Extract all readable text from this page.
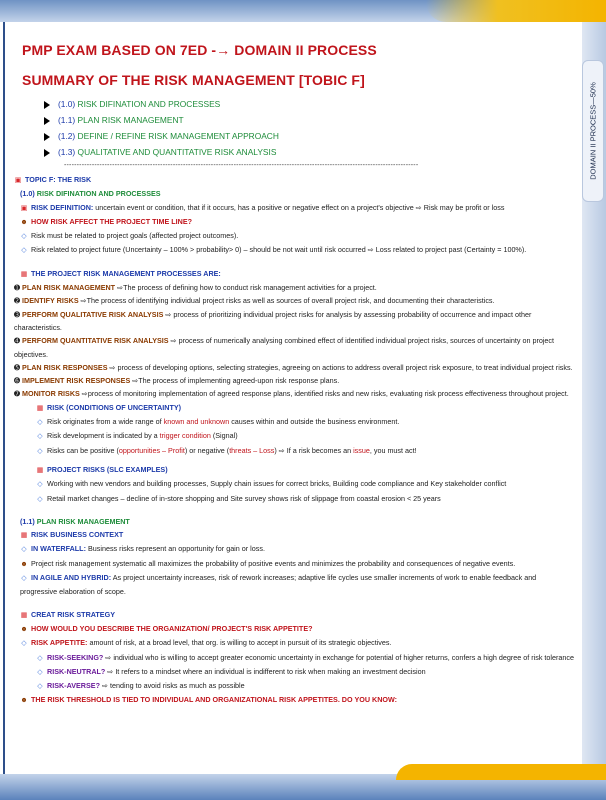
DOMAIN II PROCESS—50%
PMP EXAM BASED ON 7ED -→ DOMAIN II PROCESS
SUMMARY OF THE RISK MANAGEMENT [TOBIC F]
(1.0) RISK DIFINATION AND PROCESSES
(1.1) PLAN RISK MANAGEMENT
(1.2) DEFINE / REFINE RISK MANAGEMENT APPROACH
(1.3) QUALITATIVE AND QUANTITATIVE RISK ANALYSIS
--------------------------------------------------------------------------------------------------------------------------------------------

▣ TOPIC F: THE RISK

(1.0) RISK DIFINATION AND PROCESSES

▣ RISK DEFINITION: uncertain event or condition, that if it occurs, has a positive or negative effect on a project's objective ⇨ Risk may be profit or loss

☻ HOW RISK AFFECT THE PROJECT TIME LINE?

◇ Risk must be related to project goals (affected project outcomes).

◇ Risk related to project future (Uncertainty – 100% > probability> 0) – should be not wait until risk occurred ⇨ Loss related to project past (Certainty = 100%).

▦ THE PROJECT RISK MANAGEMENT PROCESSES ARE:

➊ PLAN RISK MANAGEMENT ⇨The process of defining how to conduct risk management activities for a project.

➋ IDENTIFY RISKS ⇨The process of identifying individual project risks as well as sources of overall project risk, and documenting their characteristics.

➌ PERFORM QUALITATIVE RISK ANALYSIS ⇨ process of prioritizing individual project risks for analysis by assessing probability of occurrence and impact other characteristics.

➍ PERFORM QUANTITATIVE RISK ANALYSIS ⇨ process of numerically analysing combined effect of identified individual project risks, sources of uncertainty on project objectives.

➎ PLAN RISK RESPONSES ⇨ process of developing options, selecting strategies, agreeing on actions to address overall project risk exposure, to treat individual project risks.

➏ IMPLEMENT RISK RESPONSES ⇨The process of implementing agreed-upon risk response plans.

➐ MONITOR RISKS ⇨process of monitoring implementation of agreed response plans, identified risks and new risks, evaluating risk process effectiveness throughout project.

▦ RISK (CONDITIONS OF UNCERTAINTY)

◇ Risk originates from a wide range of known and unknown causes within and outside the business environment.

◇ Risk development is indicated by a trigger condition (Signal)

◇ Risks can be positive (opportunities – Profit) or negative (threats – Loss) ⇨ If a risk becomes an issue, you must act!

▦ PROJECT RISKS (SLC EXAMPLES)

◇ Working with new vendors and building processes, Supply chain issues for correct bricks, Building code compliance and Key stakeholder conflict

◇ Retail market changes – decline of in-store shopping and Site survey shows risk of slippage from coastal erosion < 25 years

(1.1) PLAN RISK MANAGEMENT

▦ RISK BUSINESS CONTEXT

◇ IN WATERFALL: Business risks represent an opportunity for gain or loss.

☻ Project risk management systematic all maximizes the probability of positive events and minimizes the probability and consequences of negative events.

◇ IN AGILE AND HYBRID: As project uncertainty increases, risk of rework increases; adaptive life cycles use smaller increments of work to enable feedback and progressive elaboration of scope.

▦ CREAT RISK STRATEGY

☻ HOW WOULD YOU DESCRIBE THE ORGANIZATION/ PROJECT'S RISK APPETITE?

◇ RISK APPETITE: amount of risk, at a broad level, that org. is willing to accept in pursuit of its strategic objectives.

◇ RISK-SEEKING? ⇨ individual who is willing to accept greater economic uncertainty in exchange for potential of higher returns, confers a high degree of risk tolerance

◇ RISK-NEUTRAL? ⇨ It refers to a mindset where an individual is indifferent to risk when making an investment decision

◇ RISK-AVERSE? ⇨ tending to avoid risks as much as possible

☻ THE RISK THRESHOLD IS TIED TO INDIVIDUAL AND ORGANIZATIONAL RISK APPETITES. DO YOU KNOW:
